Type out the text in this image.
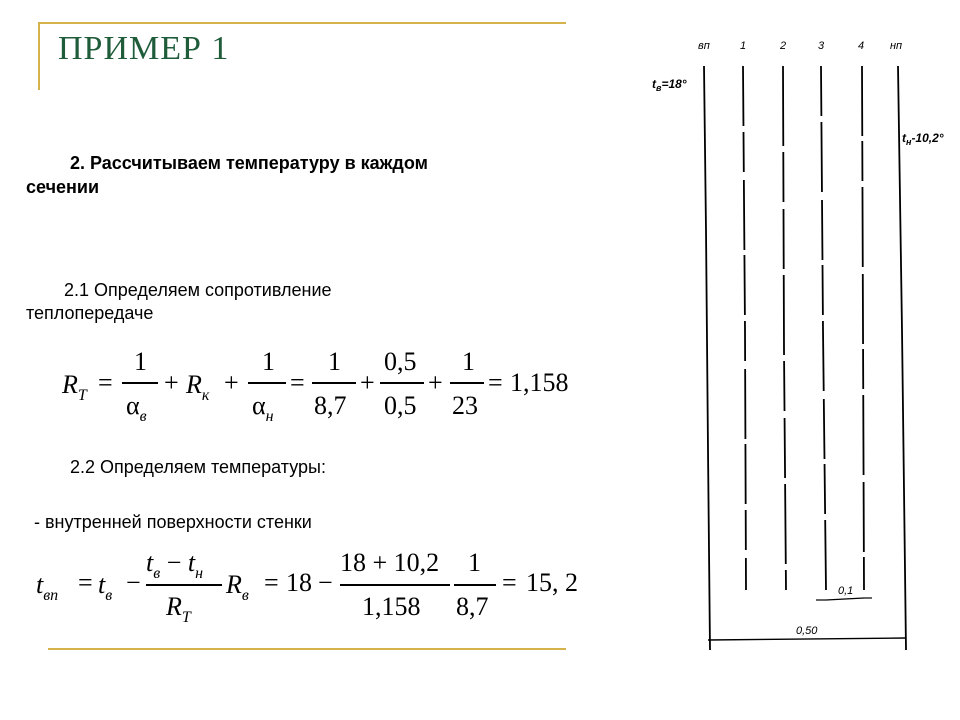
ПРИМЕР 1
2. Рассчитываем температуру в каждом
сечении
2.1 Определяем сопротивление
теплопередаче
$R_T$ =
1
$\alpha_в$
+ $R_к$ +
1
$\alpha_н$
=
1
8,7
+
0,5
0,5
+
1
23
= 1,158
2.2 Определяем температуры:
- внутренней поверхности стенки
$t_{вп} = t_в$ −
$t_в - t_н$
$R_T$
$R_в = 18$ −
18 + 10,2
1,158
1
8,7
= 15, 2
вп	1	2	3	4 нп
$t_в=18^\circ$
$t_н-10,2^\circ$
0,1
0,50
